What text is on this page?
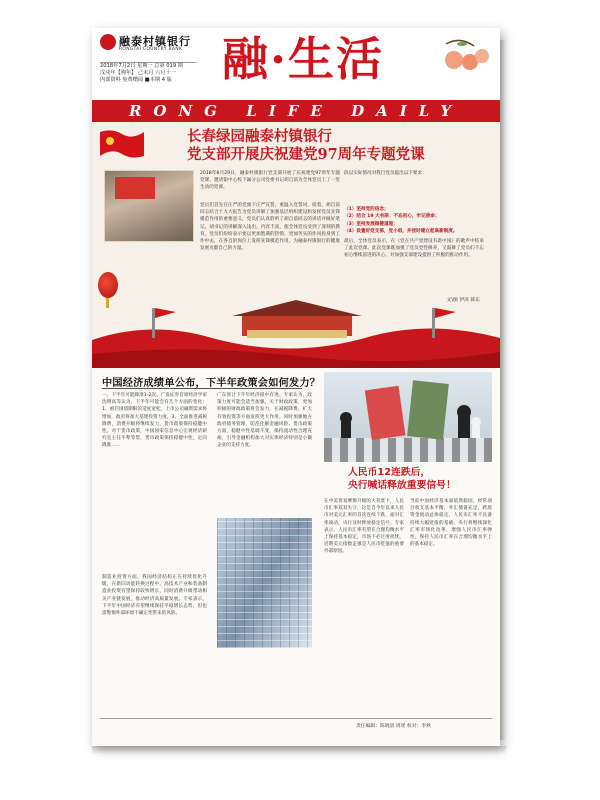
融泰村镇银行
RONGTAI COUNTRY BANK
2018年7月2日 星期一 总第 019 期
戊戌年【狗年】 己未月 六月十一
内部资料 免费赠阅 ■本期 4 版	融·生活
RONG LIFE DAILY
长春绿园融泰村镇银行
党支部开展庆祝建党97周年专题党课
2018年6月29日，融泰村镇银行党支部开展了庆祝建党97周年专题党课，邀请银中心校下属分公司党委书记胡自前为全体党员上了一堂生动的党课。
党员们首先在庄严的党旗下庄严宣誓，重温入党誓词，接着，胡自前同志结合十九大报告为党员讲解了加强基层组织建设和发挥党员先锋模范作用的重要意义，党员们认真聆听了胡自前同志的讲话并做好笔记。胡书记的讲解深入浅出、内容丰富，使全体党员受到了深刻的教育，党员们纷纷表示要以更加饱满的热情、更加务实的作风投身到工作中去，在各自的岗位上发挥先锋模范作用，为融泰村镇银行的健康发展贡献自己的力量。
段以实际情况对我行党员提出以下要求：
（1）坚持党的信念；
（2）结合 19 大有限：不忘初心，牢记使命；
（3）坚持发展稳健道理；
（4）设置好党支部，党小组，并按时建立起高新制度。
最后，全体党员表示，在《党在共产党建设有新中国》的歌声中结束了此次党课。此次党课既加强了党员党性修养，又鼓舞了党员们不忘初心继续前进的决心，对加强支部建设提供了积极的推动作用。
文\图 伊泽 韩东
中国经济成绩单公布，下半年政策会如何发力？
一、下半年可能降准1-2次。广发证券首席经济学家沈明高等认为，下半年可能会有几个方面的变化：1、重启国债期限的适度宽松，上市公司融资需求将增加，政府将加大基建投资力度，3、全面推进减税降费，消费升级将继续发力，货币政策保持稳健中性。对于货币政策，中国国家信息中心宏观经济研究室主任牛犁等您，货币政策保持稳健中性，定向降准……
广东预计下半年经济稳中有进。专家认为，政策力度可能会适当加强。关于财政政策，更加积极的财政政策将会发力，在减税降费、扩大有效投资等方面发挥更大作用。同时加强地方政府债务管理，防范化解金融风险。货币政策方面，稳健中性基调不变，保持流动性合理充裕，引导金融机构加大对实体经济特别是小微企业的支持力度。
制造业投资方面，我国经济结构正在持续优化升级，在新旧动能转换过程中，高技术产业和装备制造业投资有望保持较快增长，同时消费升级带动相关产业链发展，推动经济高质量发展。专家表示，下半年中国经济有望继续保持平稳增长态势，但也需警惕外部环境不确定性带来的风险。
人民币12连跌后，
央行喊话释放重要信号！
在中美贸易摩擦升级的大背景下，人民币汇率双双失守，这是自今年以来人民币对美元汇率的首次连续下跌，面对汇率波动，央行及时释放稳定信号。专家表示，人民币汇率有望在合理均衡水平上保持基本稳定，市场不必过度担忧。近期美元指数走强是人民币贬值的重要外部原因。
当前中国经济基本面依然稳固，经常项目收支基本平衡，外汇储备充足，跨境资金流动总体稳定，人民币汇率不具备持续大幅贬值的基础。央行将继续深化汇率市场化改革，增强人民币汇率弹性，保持人民币汇率在合理均衡水平上的基本稳定。
责任编辑：陈晓晨 周瑶 校对：李秋
